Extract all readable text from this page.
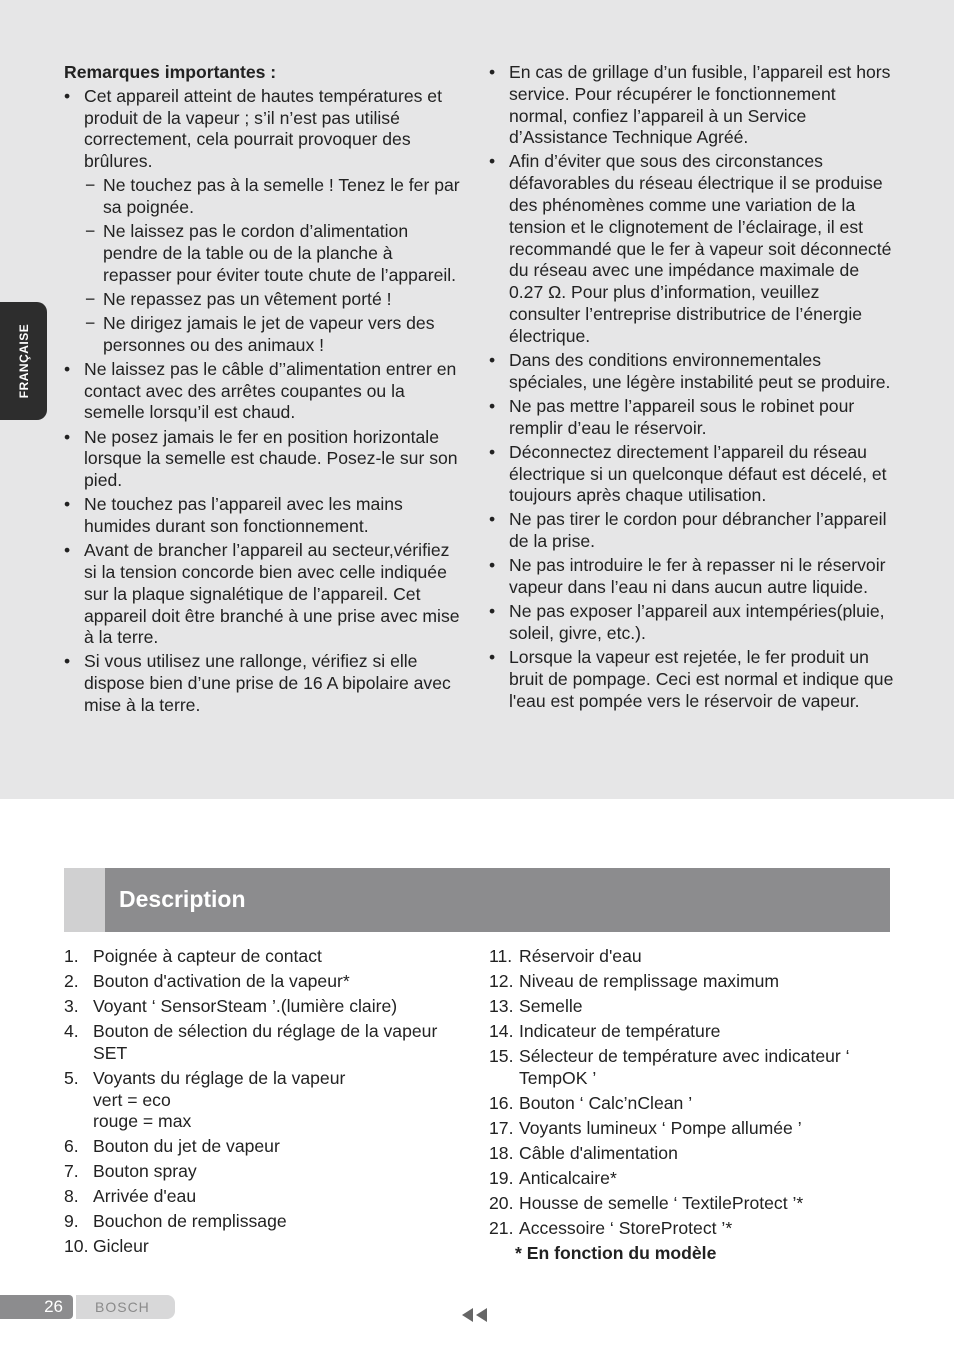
FRANÇAISE
Remarques importantes :
• Cet appareil atteint de hautes températures et produit de la vapeur ; s’il n’est pas utilisé correctement, cela pourrait provoquer des brûlures.
− Ne touchez pas à la semelle ! Tenez le fer par sa poignée.
− Ne laissez pas le cordon d’alimentation pendre de la table ou de la planche à repasser pour éviter toute chute de l’appareil.
− Ne repassez pas un vêtement porté !
− Ne dirigez jamais le jet de vapeur vers des personnes ou des animaux !
• Ne laissez pas le câble d’’alimentation entrer en contact avec des arrêtes coupantes ou la semelle lorsqu’il est chaud.
• Ne posez jamais le fer en position horizontale lorsque la semelle est chaude. Posez-le sur son pied.
• Ne touchez pas l’appareil avec les mains humides durant son fonctionnement.
• Avant de brancher l’appareil au secteur,vérifiez si la tension concorde bien avec celle indiquée sur la plaque signalétique de l’appareil. Cet appareil doit être branché à une prise avec mise à la terre.
• Si vous utilisez une rallonge, vérifiez si elle dispose bien d’une prise de 16 A bipolaire avec mise à la terre.
• En cas de grillage d’un fusible, l’appareil est hors service. Pour récupérer le fonctionnement normal, confiez l’appareil à un Service d’Assistance Technique Agréé.
• Afin d’éviter que sous des circonstances défavorables du réseau électrique il se produise des phénomènes comme une variation de la tension et le clignotement de l’éclairage, il est recommandé que le fer à vapeur soit déconnecté du réseau avec une impédance maximale de 0.27 Ω. Pour plus d’information, veuillez consulter l’entreprise distributrice de l’énergie électrique.
• Dans des conditions environnementales spéciales, une légère instabilité peut se produire.
• Ne pas mettre l’appareil sous le robinet pour remplir d’eau le réservoir.
• Déconnectez directement l’appareil du réseau électrique si un quelconque défaut est décelé, et toujours après chaque utilisation.
• Ne pas tirer le cordon pour débrancher l’appareil de la prise.
• Ne pas introduire le fer à repasser ni le réservoir vapeur dans l’eau ni dans aucun autre liquide.
• Ne pas exposer l’appareil aux intempéries(pluie, soleil, givre, etc.).
• Lorsque la vapeur est rejetée, le fer produit un bruit de pompage. Ceci est normal et indique que l'eau est pompée vers le réservoir de vapeur.
Description
1. Poignée à capteur de contact
2. Bouton d'activation de la vapeur*
3. Voyant ‘ SensorSteam ’.(lumière claire)
4. Bouton de sélection du réglage de la vapeur SET
5. Voyants du réglage de la vapeur
vert = eco
rouge = max
6. Bouton du jet de vapeur
7. Bouton spray
8. Arrivée d'eau
9. Bouchon de remplissage
10. Gicleur
11. Réservoir d'eau
12. Niveau de remplissage maximum
13. Semelle
14. Indicateur de température
15. Sélecteur de température avec indicateur ‘ TempOK ’
16. Bouton ‘ Calc’nClean ’
17. Voyants lumineux ‘ Pompe allumée ’
18. Câble d'alimentation
19. Anticalcaire*
20. Housse de semelle ‘ TextileProtect ’*
21. Accessoire ‘ StoreProtect ’*
* En fonction du modèle
26 BOSCH
